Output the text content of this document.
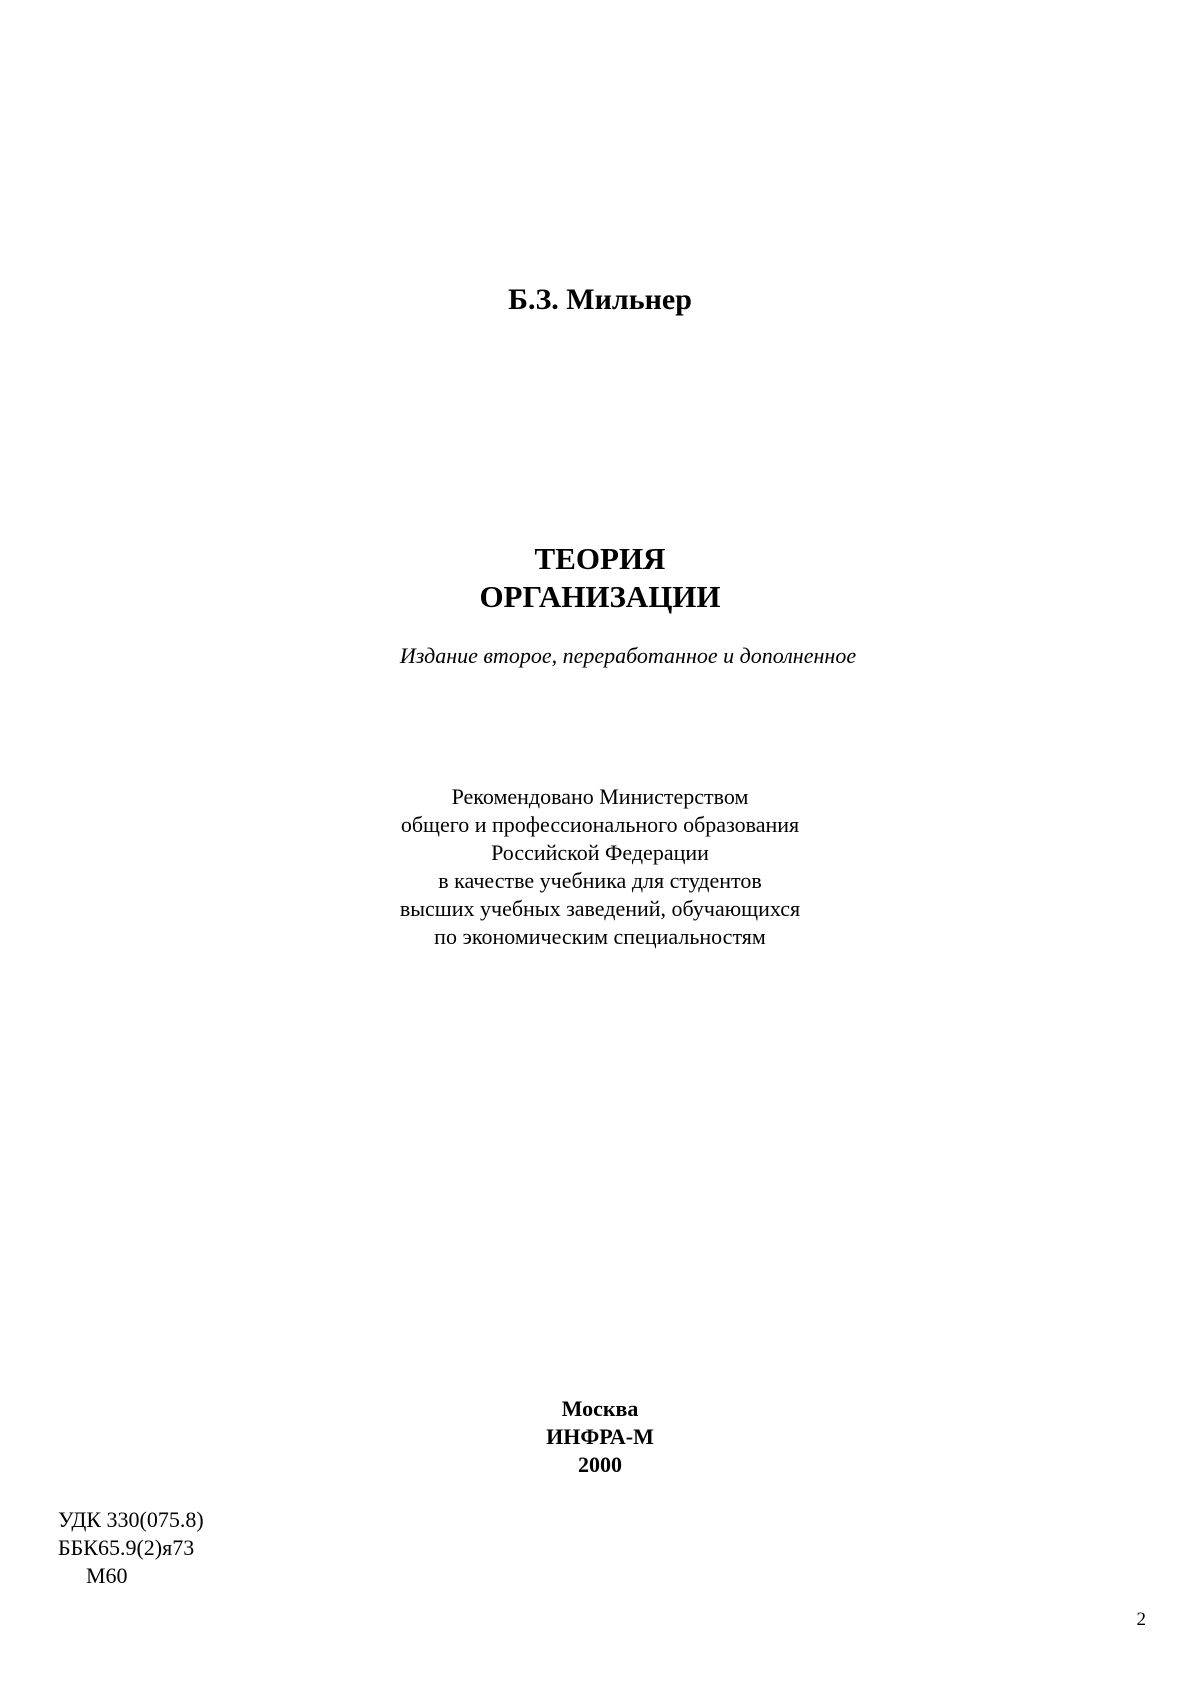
Б.З. Мильнер
ТЕОРИЯ
ОРГАНИЗАЦИИ
Издание второе, переработанное и дополненное
Рекомендовано Министерством
общего и профессионального образования
Российской Федерации
в качестве учебника для студентов
высших учебных заведений, обучающихся
по экономическим специальностям
Москва
ИНФРА-М
2000
УДК 330(075.8)
ББК65.9(2)я73
М60
2
